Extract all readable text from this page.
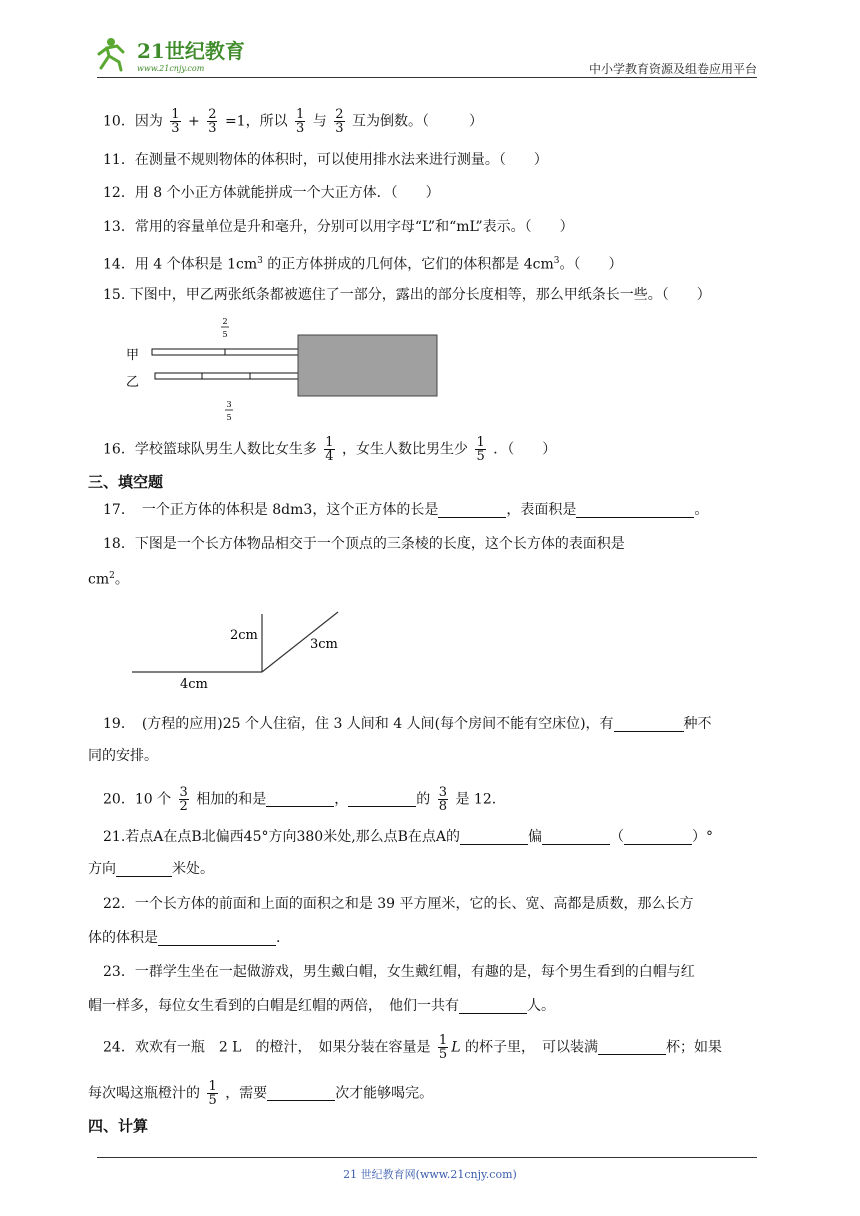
21世纪教育
www.21cnjy.com	中小学教育资源及组卷应用平台
10．因为 $\frac{1}{3} + \frac{2}{3} =1$，所以 $\frac{1}{3}$ 与 $\frac{2}{3}$ 互为倒数。（	）
11．在测量不规则物体的体积时，可以使用排水法来进行测量。（　　）
12．用 8 个小正方体就能拼成一个大正方体．（　　）
13．常用的容量单位是升和毫升，分别可以用字母“L”和“mL”表示。（　　）
14．用 4 个体积是 $1cm^3$ 的正方体拼成的几何体，它们的体积都是 $4cm^3$。（　　）
15. 下图中，甲乙两张纸条都被遮住了一部分，露出的部分长度相等，那么甲纸条长一些。（　　）
2
5
甲
乙
3
5
16．学校篮球队男生人数比女生多 $\frac{1}{4}$ ，女生人数比男生少 $\frac{1}{5}$ ．（　　）
三、填空题
17．　一个正方体的体积是 8dm3，这个正方体的长是	，表面积是	。
18．下图是一个长方体物品相交于一个顶点的三条棱的长度，这个长方体的表面积是
$cm^2$。
2cm
3cm
4cm
19．　(方程的应用)25 个人住宿，住 3 人间和 4 人间(每个房间不能有空床位)，有	种不
同的安排。
20．10 个 $\frac{3}{2}$ 相加的和是	，	的 $\frac{3}{8}$ 是 12.
21.若点A在点B北偏西45°方向380米处,那么点B在点A的	偏	（	）°
方向	米处。
22．一个长方体的前面和上面的面积之和是 39 平方厘米，它的长、宽、高都是质数，那么长方
体的体积是	.
23．一群学生坐在一起做游戏，男生戴白帽，女生戴红帽，有趣的是，每个男生看到的白帽与红
帽一样多，每位女生看到的白帽是红帽的两倍，　他们一共有	人。
24．欢欢有一瓶　2 L　的橙汁，　如果分装在容量是 $\frac{1}{5}$ L 的杯子里，　可以装满	杯；如果
每次喝这瓶橙汁的 $\frac{1}{5}$ ，需要	次才能够喝完。
四、计算
21 世纪教育网(www.21cnjy.com)
